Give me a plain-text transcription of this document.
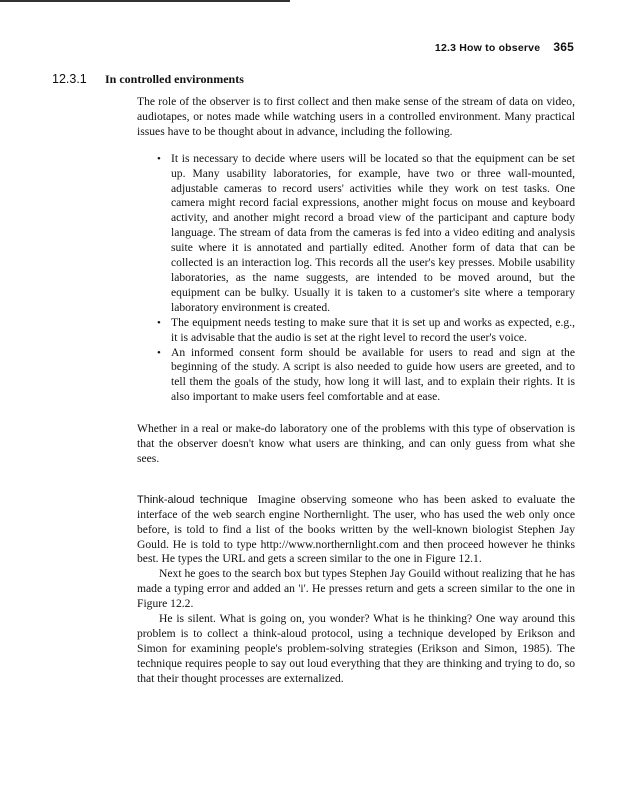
12.3 How to observe 365
12.3.1 In controlled environments

The role of the observer is to first collect and then make sense of the stream of data on video, audiotapes, or notes made while watching users in a controlled environment. Many practical issues have to be thought about in advance, including the following.

• It is necessary to decide where users will be located so that the equipment can be set up. Many usability laboratories, for example, have two or three wall-mounted, adjustable cameras to record users' activities while they work on test tasks. One camera might record facial expressions, another might focus on mouse and keyboard activity, and another might record a broad view of the participant and capture body language. The stream of data from the cameras is fed into a video editing and analysis suite where it is annotated and partially edited. Another form of data that can be collected is an interaction log. This records all the user's key presses. Mobile usability laboratories, as the name suggests, are intended to be moved around, but the equipment can be bulky. Usually it is taken to a customer's site where a temporary laboratory environment is created.
• The equipment needs testing to make sure that it is set up and works as expected, e.g., it is advisable that the audio is set at the right level to record the user's voice.
• An informed consent form should be available for users to read and sign at the beginning of the study. A script is also needed to guide how users are greeted, and to tell them the goals of the study, how long it will last, and to explain their rights. It is also important to make users feel comfortable and at ease.

Whether in a real or make-do laboratory one of the problems with this type of observation is that the observer doesn't know what users are thinking, and can only guess from what she sees.

Think-aloud technique Imagine observing someone who has been asked to evaluate the interface of the web search engine Northernlight. The user, who has used the web only once before, is told to find a list of the books written by the well-known biologist Stephen Jay Gould. He is told to type http://www.northernlight.com and then proceed however he thinks best. He types the URL and gets a screen similar to the one in Figure 12.1.

Next he goes to the search box but types Stephen Jay Gouild without realizing that he has made a typing error and added an 'i'. He presses return and gets a screen similar to the one in Figure 12.2.

He is silent. What is going on, you wonder? What is he thinking? One way around this problem is to collect a think-aloud protocol, using a technique developed by Erikson and Simon for examining people's problem-solving strategies (Erikson and Simon, 1985). The technique requires people to say out loud everything that they are thinking and trying to do, so that their thought processes are externalized.
